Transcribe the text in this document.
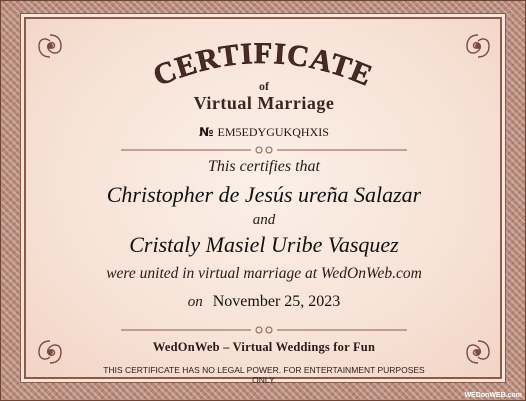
CERTIFICATE
of
Virtual Marriage
№ EM5EDYGUKQHXIS
This certifies that
Christopher de Jesús ureña Salazar
and
Cristaly Masiel Uribe Vasquez
were united in virtual marriage at WedOnWeb.com
on November 25, 2023
WedOnWeb – Virtual Weddings for Fun
THIS CERTIFICATE HAS NO LEGAL POWER. FOR ENTERTAINMENT PURPOSES ONLY.
WEDonWEB.com
